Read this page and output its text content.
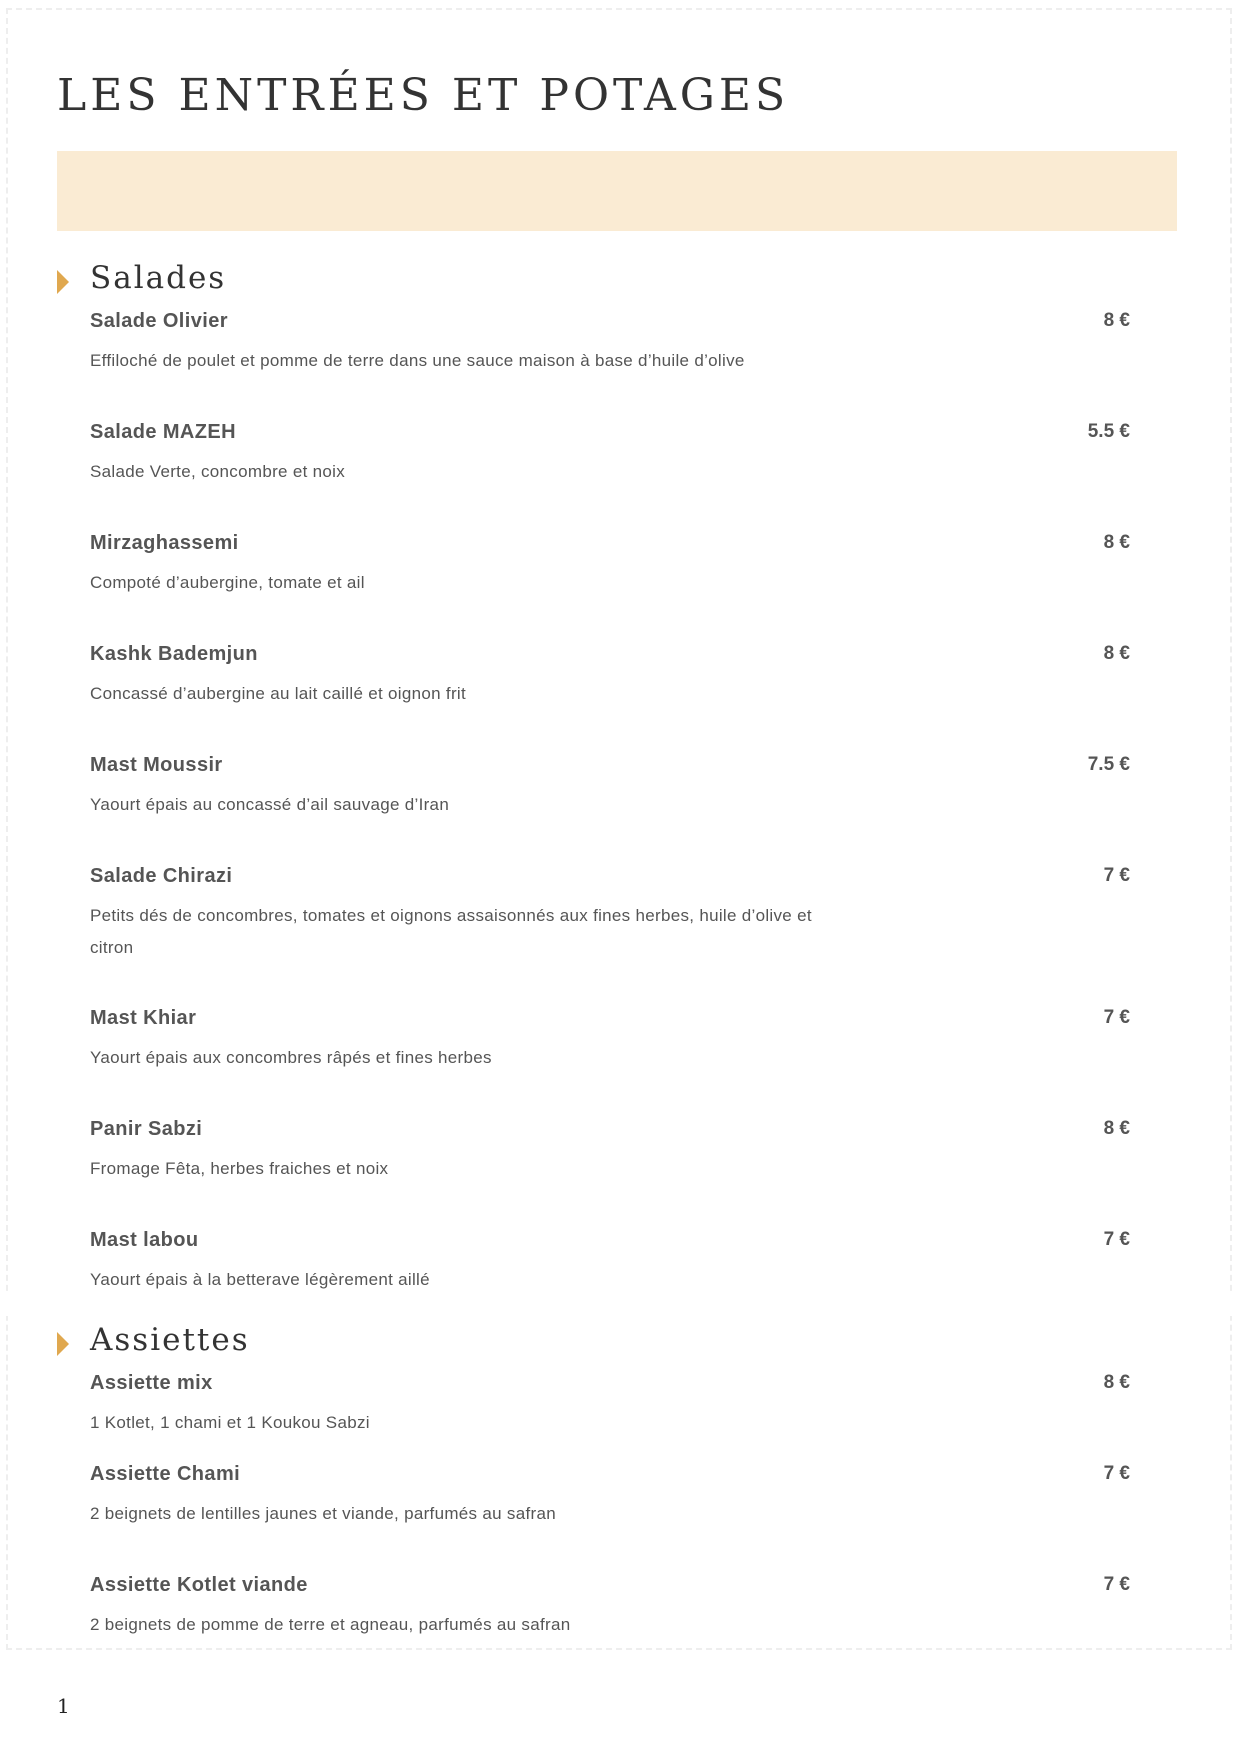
LES ENTRÉES ET POTAGES
Salades
Salade Olivier	8 €
Effiloché de poulet et pomme de terre dans une sauce maison à base d’huile d’olive
Salade MAZEH	5.5 €
Salade Verte, concombre et noix
Mirzaghassemi	8 €
Compoté d’aubergine, tomate et ail
Kashk Bademjun	8 €
Concassé d’aubergine au lait caillé et oignon frit
Mast Moussir	7.5 €
Yaourt épais au concassé d’ail sauvage d’Iran
Salade Chirazi	7 €
Petits dés de concombres, tomates et oignons assaisonnés aux fines herbes, huile d’olive et citron
Mast Khiar	7 €
Yaourt épais aux concombres râpés et fines herbes
Panir Sabzi	8 €
Fromage Fêta, herbes fraiches et noix
Mast labou	7 €
Yaourt épais à la betterave légèrement aillé
Assiettes
Assiette mix	8 €
1 Kotlet, 1 chami et 1 Koukou Sabzi
Assiette Chami	7 €
2 beignets de lentilles jaunes et viande, parfumés au safran
Assiette Kotlet viande	7 €
2 beignets de pomme de terre et agneau, parfumés au safran
1
